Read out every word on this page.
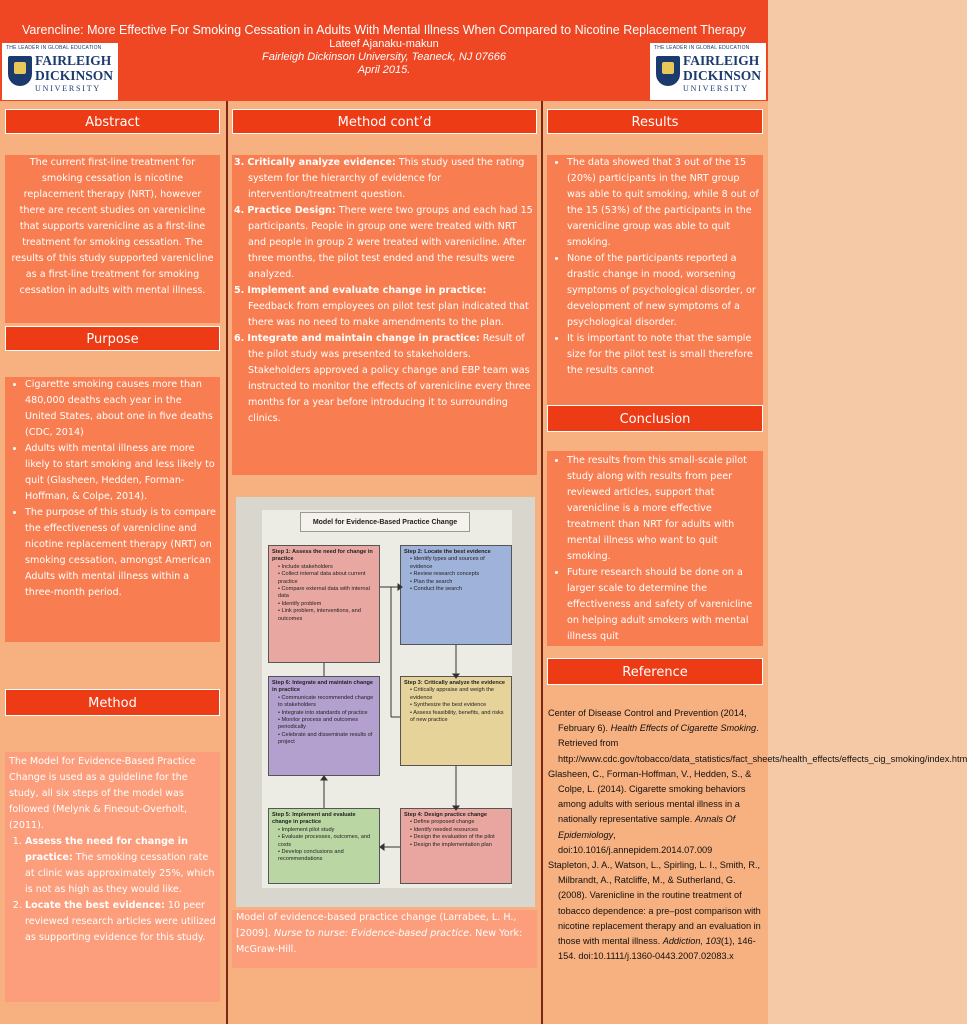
Varencline: More Effective For Smoking Cessation in Adults With Mental Illness When Compared to Nicotine Replacement Therapy
Lateef Ajanaku-makun
Fairleigh Dickinson University, Teaneck, NJ 07666
April 2015.
THE LEADER IN GLOBAL EDUCATION
FAIRLEIGH
DICKINSON
UNIVERSITY
THE LEADER IN GLOBAL EDUCATION
FAIRLEIGH
DICKINSON
UNIVERSITY
Abstract
The current first-line treatment for smoking cessation is nicotine replacement therapy (NRT), however there are recent studies on varenicline that supports varenicline as a first-line treatment for smoking cessation. The results of this study supported varenicline as a first-line treatment for smoking cessation in adults with mental illness.
Purpose
• Cigarette smoking causes more than 480,000 deaths each year in the United States, about one in five deaths (CDC, 2014)
• Adults with mental illness are more likely to start smoking and less likely to quit (Glasheen, Hedden, Forman-Hoffman, & Colpe, 2014).
• The purpose of this study is to compare the effectiveness of varenicline and nicotine replacement therapy (NRT) on smoking cessation, amongst American Adults with mental illness within a three-month period.
Method
The Model for Evidence-Based Practice Change is used as a guideline for the study, all six steps of the model was followed (Melynk & Fineout-Overholt, (2011).
1. Assess the need for change in practice: The smoking cessation rate at clinic was approximately 25%, which is not as high as they would like.
2. Locate the best evidence: 10 peer reviewed research articles were utilized as supporting evidence for this study.
Method cont’d
3. Critically analyze evidence: This study used the rating system for the hierarchy of evidence for intervention/treatment question.
4. Practice Design: There were two groups and each had 15 participants. People in group one were treated with NRT and people in group 2 were treated with varenicline. After three months, the pilot test ended and the results were analyzed.
5. Implement and evaluate change in practice: Feedback from employees on pilot test plan indicated that there was no need to make amendments to the plan.
6. Integrate and maintain change in practice: Result of the pilot study was presented to stakeholders. Stakeholders approved a policy change and EBP team was instructed to monitor the effects of varenicline every three months for a year before introducing it to surrounding clinics.
Model for Evidence-Based Practice Change
Step 1: Assess the need for change in practice
• Include stakeholders
• Collect internal data about current practice
• Compare external data with internal data
• Identify problem
• Link problem, interventions, and outcomes
Step 2: Locate the best evidence
• Identify types and sources of evidence
• Review research concepts
• Plan the search
• Conduct the search
Step 6: Integrate and maintain change in practice
• Communicate recommended change to stakeholders
• Integrate into standards of practice
• Monitor process and outcomes periodically
• Celebrate and disseminate results of project
Step 3: Critically analyze the evidence
• Critically appraise and weigh the evidence
• Synthesize the best evidence
• Assess feasibility, benefits, and risks of new practice
Step 5: Implement and evaluate change in practice
• Implement pilot study
• Evaluate processes, outcomes, and costs
• Develop conclusions and recommendations
Step 4: Design practice change
• Define proposed change
• Identify needed resources
• Design the evaluation of the pilot
• Design the implementation plan
Model of evidence-based practice change (Larrabee, L. H., [2009]. Nurse to nurse: Evidence-based practice. New York: McGraw-Hill.
Results
• The data showed that 3 out of the 15 (20%) participants in the NRT group was able to quit smoking, while 8 out of the 15 (53%) of the participants in the varenicline group was able to quit smoking.
• None of the participants reported a drastic change in mood, worsening symptoms of psychological disorder, or development of new symptoms of a psychological disorder.
• It is important to note that the sample size for the pilot test is small therefore the results cannot
Conclusion
• The results from this small-scale pilot study along with results from peer reviewed articles, support that varenicline is a more effective treatment than NRT for adults with mental illness who want to quit smoking.
• Future research should be done on a larger scale to determine the effectiveness and safety of varenicline on helping adult smokers with mental illness quit
Reference

Center of Disease Control and Prevention (2014, February 6). Health Effects of Cigarette Smoking. Retrieved from http://www.cdc.gov/tobacco/data_statistics/fact_sheets/health_effects/effects_cig_smoking/index.htm

Glasheen, C., Forman-Hoffman, V., Hedden, S., & Colpe, L. (2014). Cigarette smoking behaviors among adults with serious mental illness in a nationally representative sample. Annals Of Epidemiology, doi:10.1016/j.annepidem.2014.07.009

Stapleton, J. A., Watson, L., Spirling, L. I., Smith, R., Milbrandt, A., Ratcliffe, M., & Sutherland, G. (2008). Varenicline in the routine treatment of tobacco dependence: a pre–post comparison with nicotine replacement therapy and an evaluation in those with mental illness. Addiction, 103(1), 146-154. doi:10.1111/j.1360-0443.2007.02083.x
